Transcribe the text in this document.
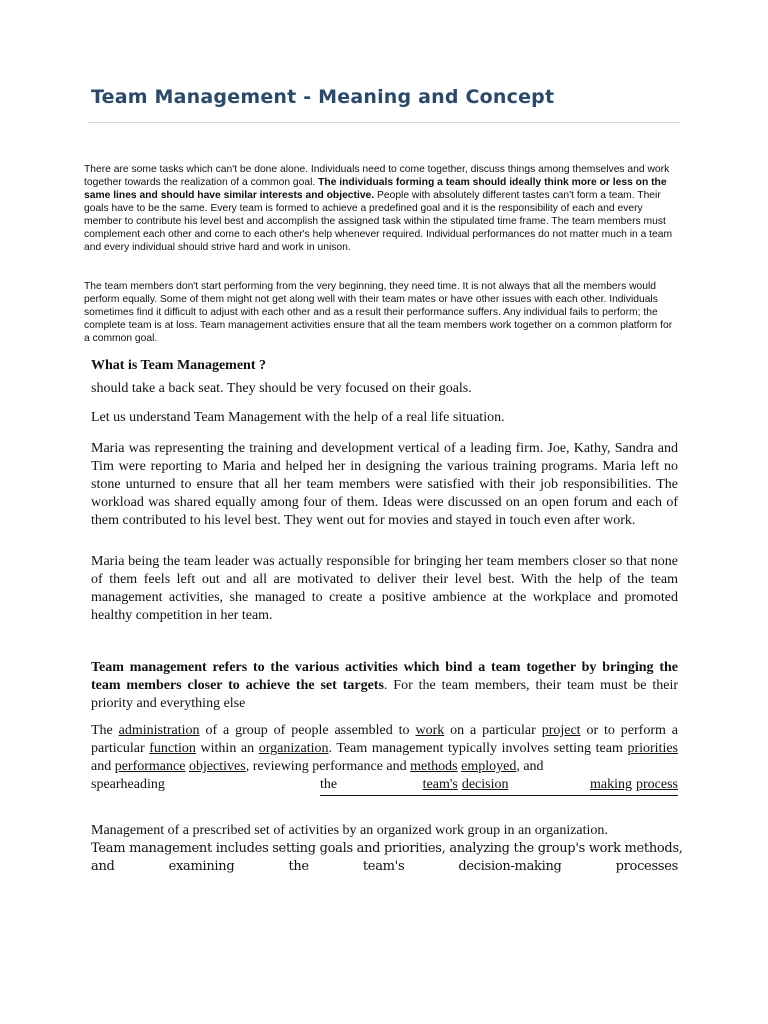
Team Management - Meaning and Concept

There are some tasks which can't be done alone. Individuals need to come together, discuss things among themselves and work together towards the realization of a common goal. The individuals forming a team should ideally think more or less on the same lines and should have similar interests and objective. People with absolutely different tastes can't form a team. Their goals have to be the same. Every team is formed to achieve a predefined goal and it is the responsibility of each and every member to contribute his level best and accomplish the assigned task within the stipulated time frame. The team members must complement each other and come to each other's help whenever required. Individual performances do not matter much in a team and every individual should strive hard and work in unison.

The team members don't start performing from the very beginning, they need time. It is not always that all the members would perform equally. Some of them might not get along well with their team mates or have other issues with each other. Individuals sometimes find it difficult to adjust with each other and as a result their performance suffers. Any individual fails to perform; the complete team is at loss. Team management activities ensure that all the team members work together on a common platform for a common goal.

What is Team Management ?

should take a back seat. They should be very focused on their goals.

Let us understand Team Management with the help of a real life situation.

Maria was representing the training and development vertical of a leading firm. Joe, Kathy, Sandra and Tim were reporting to Maria and helped her in designing the various training programs. Maria left no stone unturned to ensure that all her team members were satisfied with their job responsibilities. The workload was shared equally among four of them. Ideas were discussed on an open forum and each of them contributed to his level best. They went out for movies and stayed in touch even after work.

Maria being the team leader was actually responsible for bringing her team members closer so that none of them feels left out and all are motivated to deliver their level best. With the help of the team management activities, she managed to create a positive ambience at the workplace and promoted healthy competition in her team.

Team management refers to the various activities which bind a team together by bringing the team members closer to achieve the set targets. For the team members, their team must be their priority and everything else

The administration of a group of people assembled to work on a particular project or to perform a particular function within an organization. Team management typically involves setting team priorities and performance objectives, reviewing performance and methods employed, and

spearheading	the	team's decision	making process

Management of a prescribed set of activities by an organized work group in an organization.

Team management includes setting goals and priorities, analyzing the group's work methods,

and	examining	the	team's	decision-making	processes
